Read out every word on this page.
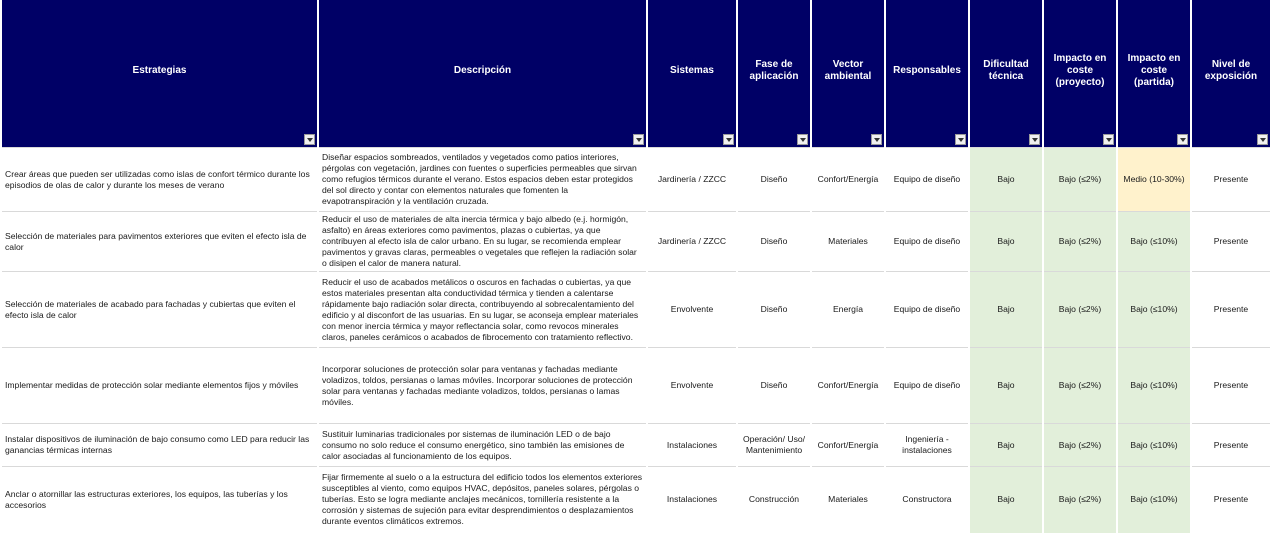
Estrategias	Descripción	Sistemas	Fase de aplicación	Vector ambiental	Responsables	Dificultad técnica	Impacto en coste (proyecto)	Impacto en coste (partida)	Nivel de exposición

Crear áreas que pueden ser utilizadas como islas de confort térmico durante los episodios de olas de calor y durante los meses de verano	Diseñar espacios sombreados, ventilados y vegetados como patios interiores, pérgolas con vegetación, jardines con fuentes o superficies permeables que sirvan como refugios térmicos durante el verano. Estos espacios deben estar protegidos del sol directo y contar con elementos naturales que fomenten la evapotranspiración y la ventilación cruzada.	Jardinería / ZZCC	Diseño	Confort/Energía	Equipo de diseño	Bajo	Bajo (≤2%)	Medio (10-30%)	Presente
Selección de materiales para pavimentos exteriores que eviten el efecto isla de calor	Reducir el uso de materiales de alta inercia térmica y bajo albedo (e.j. hormigón, asfalto) en áreas exteriores como pavimentos, plazas o cubiertas, ya que contribuyen al efecto isla de calor urbano. En su lugar, se recomienda emplear pavimentos y gravas claras, permeables o vegetales que reflejen la radiación solar o disipen el calor de manera natural.	Jardinería / ZZCC	Diseño	Materiales	Equipo de diseño	Bajo	Bajo (≤2%)	Bajo (≤10%)	Presente
Selección de materiales de acabado para fachadas y cubiertas que eviten el efecto isla de calor	Reducir el uso de acabados metálicos o oscuros en fachadas o cubiertas, ya que estos materiales presentan alta conductividad térmica y tienden a calentarse rápidamente bajo radiación solar directa, contribuyendo al sobrecalentamiento del edificio y al disconfort de las usuarias. En su lugar, se aconseja emplear materiales con menor inercia térmica y mayor reflectancia solar, como revocos minerales claros, paneles cerámicos o acabados de fibrocemento con tratamiento reflectivo.	Envolvente	Diseño	Energía	Equipo de diseño	Bajo	Bajo (≤2%)	Bajo (≤10%)	Presente
Implementar medidas de protección solar mediante elementos fijos y móviles	Incorporar soluciones de protección solar para ventanas y fachadas mediante voladizos, toldos, persianas o lamas móviles. Incorporar soluciones de protección solar para ventanas y fachadas mediante voladizos, toldos, persianas o lamas móviles.	Envolvente	Diseño	Confort/Energía	Equipo de diseño	Bajo	Bajo (≤2%)	Bajo (≤10%)	Presente
Instalar dispositivos de iluminación de bajo consumo como LED para reducir las ganancias térmicas internas	Sustituir luminarias tradicionales por sistemas de iluminación LED o de bajo consumo no solo reduce el consumo energético, sino también las emisiones de calor asociadas al funcionamiento de los equipos.	Instalaciones	Operación/ Uso/ Mantenimiento	Confort/Energía	Ingeniería - instalaciones	Bajo	Bajo (≤2%)	Bajo (≤10%)	Presente
Anclar o atornillar las estructuras exteriores, los equipos, las tuberías y los accesorios	Fijar firmemente al suelo o a la estructura del edificio todos los elementos exteriores susceptibles al viento, como equipos HVAC, depósitos, paneles solares, pérgolas o tuberías. Esto se logra mediante anclajes mecánicos, tornillería resistente a la corrosión y sistemas de sujeción para evitar desprendimientos o desplazamientos durante eventos climáticos extremos.	Instalaciones	Construcción	Materiales	Constructora	Bajo	Bajo (≤2%)	Bajo (≤10%)	Presente
